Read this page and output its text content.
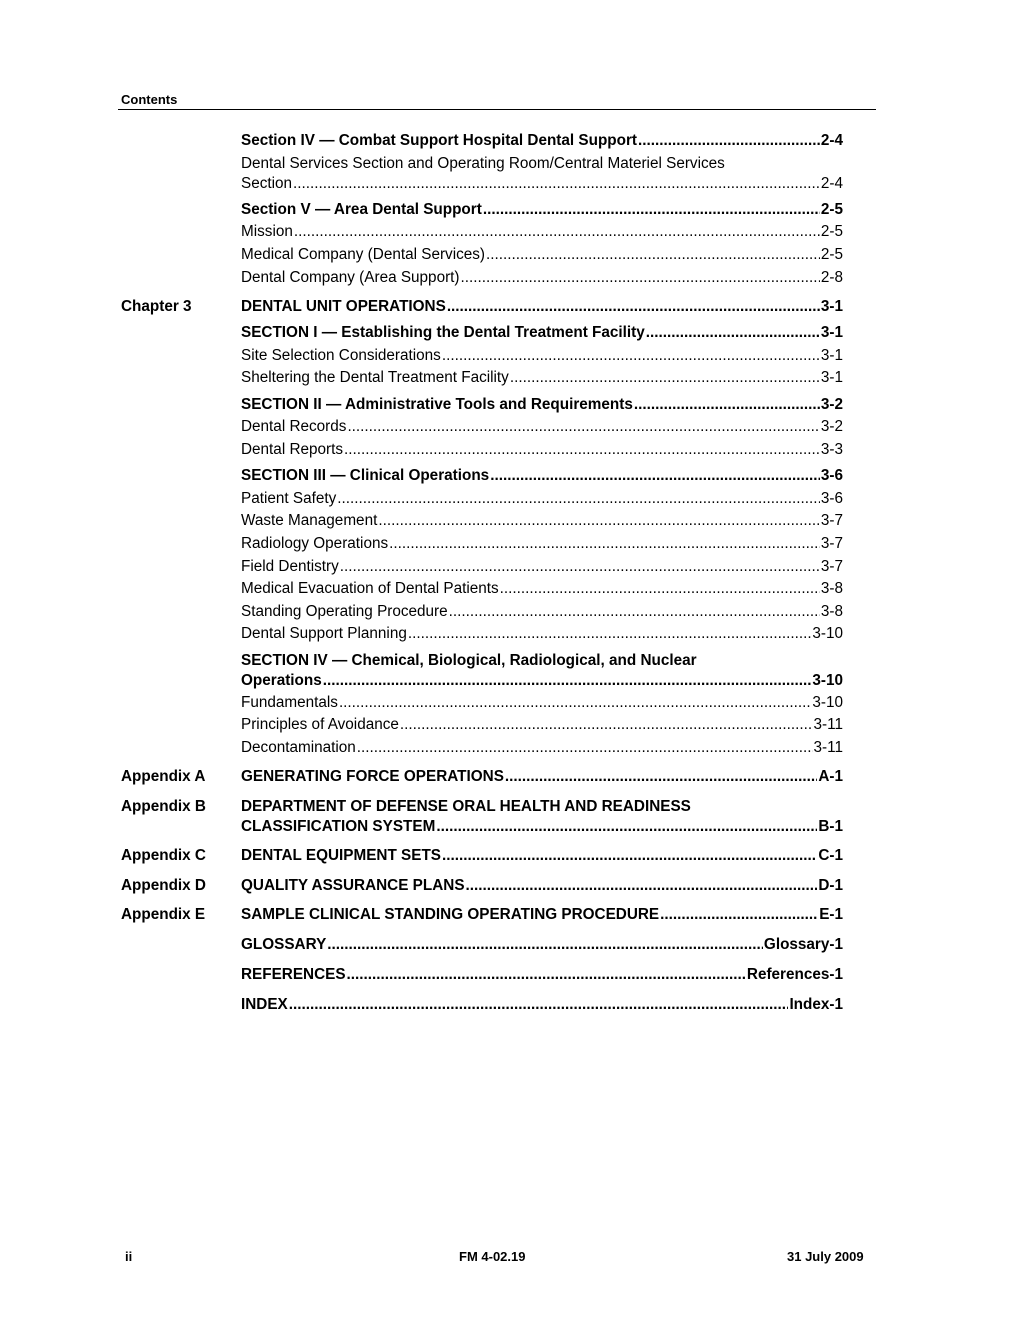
Contents
Section IV — Combat Support Hospital Dental Support .....	2-4
Dental Services Section and Operating Room/Central Materiel Services
Section .....	2-4
Section V — Area Dental Support .....	2-5
Mission .....	2-5
Medical Company (Dental Services) .....	2-5
Dental Company (Area Support) .....	2-8
Chapter 3	DENTAL UNIT OPERATIONS .....	3-1
SECTION I — Establishing the Dental Treatment Facility .....	3-1
Site Selection Considerations .....	3-1
Sheltering the Dental Treatment Facility .....	3-1
SECTION II — Administrative Tools and Requirements .....	3-2
Dental Records .....	3-2
Dental Reports .....	3-3
SECTION III — Clinical Operations .....	3-6
Patient Safety .....	3-6
Waste Management .....	3-7
Radiology Operations .....	3-7
Field Dentistry .....	3-7
Medical Evacuation of Dental Patients .....	3-8
Standing Operating Procedure .....	3-8
Dental Support Planning .....	3-10
SECTION IV — Chemical, Biological, Radiological, and Nuclear
Operations .....	3-10
Fundamentals .....	3-10
Principles of Avoidance .....	3-11
Decontamination .....	3-11
Appendix A GENERATING FORCE OPERATIONS .....	A-1
Appendix B DEPARTMENT OF DEFENSE ORAL HEALTH AND READINESS
CLASSIFICATION SYSTEM .....	B-1
Appendix C DENTAL EQUIPMENT SETS .....	C-1
Appendix D QUALITY ASSURANCE PLANS .....	D-1
Appendix E SAMPLE CLINICAL STANDING OPERATING PROCEDURE .....	E-1
GLOSSARY .....	Glossary-1
REFERENCES .....	References-1
INDEX .....	Index-1
ii	FM 4-02.19	31 July 2009
